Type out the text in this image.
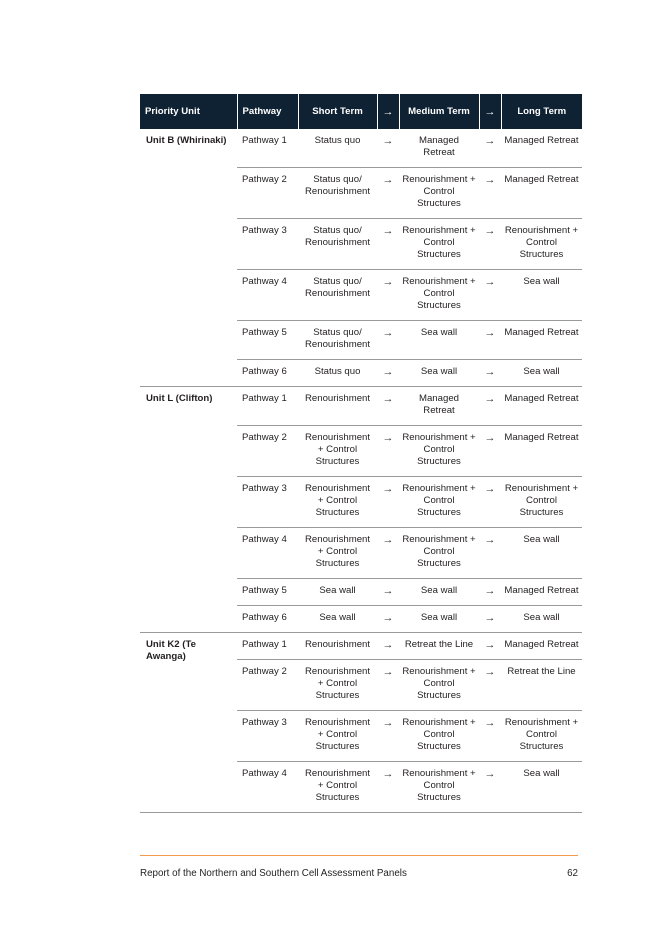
Priority Unit	Pathway	Short Term	→	Medium Term	→	Long Term
Unit B (Whirinaki)	Pathway 1	Status quo	→	Managed Retreat	→	Managed Retreat
	Pathway 2	Status quo/ Renourishment	→	Renourishment + Control Structures	→	Managed Retreat
	Pathway 3	Status quo/ Renourishment	→	Renourishment + Control Structures	→	Renourishment + Control Structures
	Pathway 4	Status quo/ Renourishment	→	Renourishment + Control Structures	→	Sea wall
	Pathway 5	Status quo/ Renourishment	→	Sea wall	→	Managed Retreat
	Pathway 6	Status quo	→	Sea wall	→	Sea wall
Unit L (Clifton)	Pathway 1	Renourishment	→	Managed Retreat	→	Managed Retreat
	Pathway 2	Renourishment + Control Structures	→	Renourishment + Control Structures	→	Managed Retreat
	Pathway 3	Renourishment + Control Structures	→	Renourishment + Control Structures	→	Renourishment + Control Structures
	Pathway 4	Renourishment + Control Structures	→	Renourishment + Control Structures	→	Sea wall
	Pathway 5	Sea wall	→	Sea wall	→	Managed Retreat
	Pathway 6	Sea wall	→	Sea wall	→	Sea wall
Unit K2 (Te Awanga)	Pathway 1	Renourishment	→	Retreat the Line	→	Managed Retreat
	Pathway 2	Renourishment + Control Structures	→	Renourishment + Control Structures	→	Retreat the Line
	Pathway 3	Renourishment + Control Structures	→	Renourishment + Control Structures	→	Renourishment + Control Structures
	Pathway 4	Renourishment + Control Structures	→	Renourishment + Control Structures	→	Sea wall
Report of the Northern and Southern Cell Assessment Panels	62
